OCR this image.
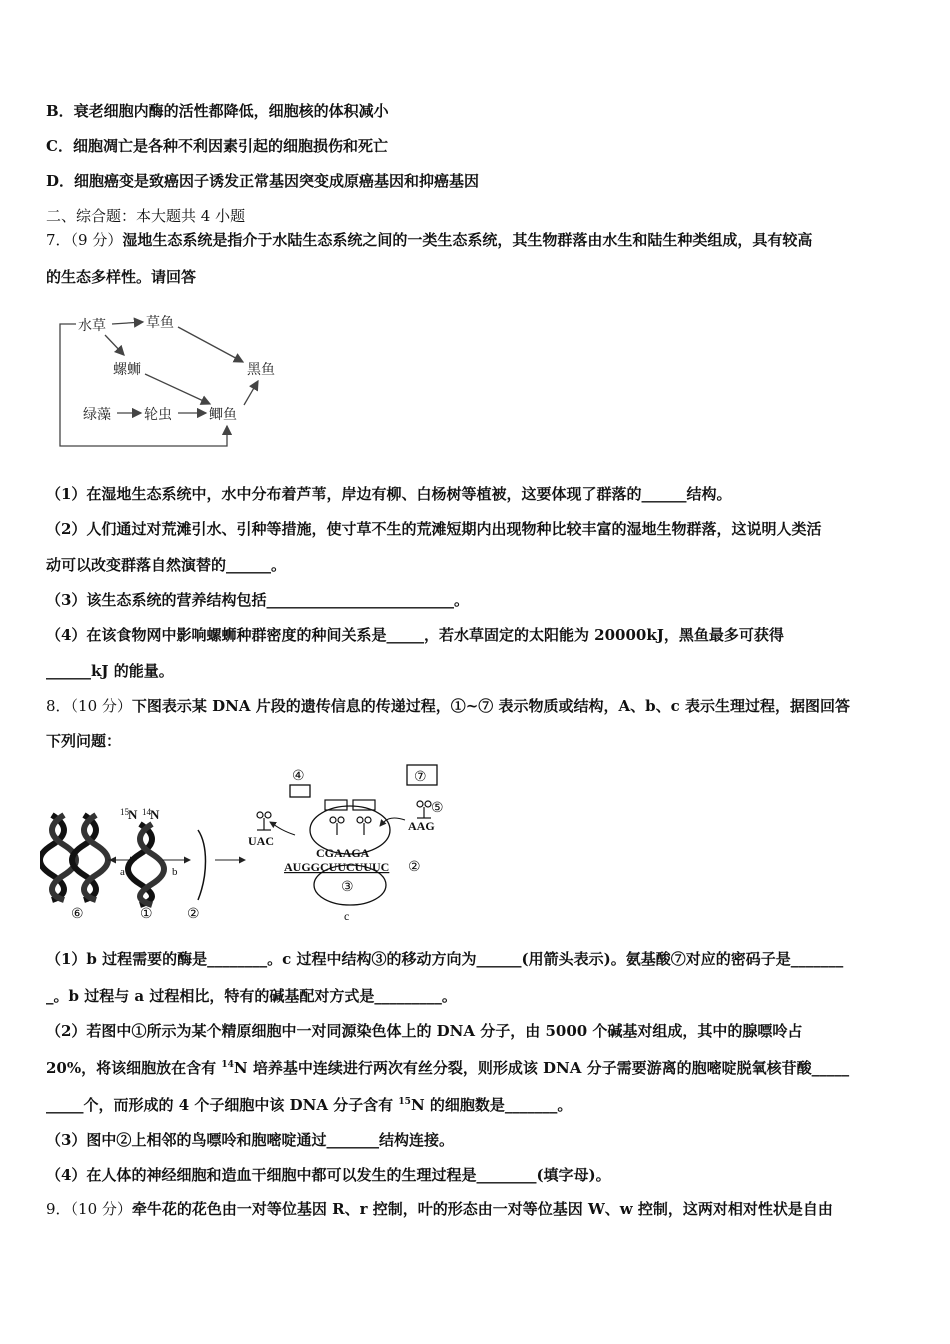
B．衰老细胞内酶的活性都降低，细胞核的体积减小
C．细胞凋亡是各种不利因素引起的细胞损伤和死亡
D．细胞癌变是致癌因子诱发正常基因突变成原癌基因和抑癌基因
二、综合题：本大题共 4 小题
7．（9 分）湿地生态系统是指介于水陆生态系统之间的一类生态系统，其生物群落由水生和陆生种类组成，具有较高
的生态多样性。请回答
水草	草鱼
螺蛳	黑鱼
绿藻 轮虫	鲫鱼
（1）在湿地生态系统中，水中分布着芦苇，岸边有柳、白杨树等植被，这要体现了群落的______结构。
（2）人们通过对荒滩引水、引种等措施，使寸草不生的荒滩短期内出现物种比较丰富的湿地生物群落，这说明人类活
动可以改变群落自然演替的______。
（3）该生态系统的营养结构包括_________________________。
（4）在该食物网中影响螺蛳种群密度的种间关系是_____，若水草固定的太阳能为 20000kJ，黑鱼最多可获得
______kJ 的能量。
8．（10 分）下图表示某 DNA 片段的遗传信息的传递过程，①~⑦ 表示物质或结构，A、b、c 表示生理过程，据图回答
下列问题：
⑥
a
15 N 14 N
①
b
②
④	⑦
⑤
AAG
UAC
CGAAGA
AUGGCUUCUUUC ②
③
c
（1）b 过程需要的酶是________。c 过程中结构③的移动方向为______(用箭头表示)。氨基酸⑦对应的密码子是_______
_。b 过程与 a 过程相比，特有的碱基配对方式是_________。
（2）若图中①所示为某个精原细胞中一对同源染色体上的 DNA 分子，由 5000 个碱基对组成，其中的腺嘌呤占
20%，将该细胞放在含有 $^{14}$N 培养基中连续进行两次有丝分裂，则形成该 DNA 分子需要游离的胞嘧啶脱氧核苷酸_____
_____个，而形成的 4 个子细胞中该 DNA 分子含有 $^{15}$N 的细胞数是_______。
（3）图中②上相邻的鸟嘌呤和胞嘧啶通过_______结构连接。
（4）在人体的神经细胞和造血干细胞中都可以发生的生理过程是________(填字母)。
9．（10 分）牵牛花的花色由一对等位基因 R、r 控制，叶的形态由一对等位基因 W、w 控制，这两对相对性状是自由
